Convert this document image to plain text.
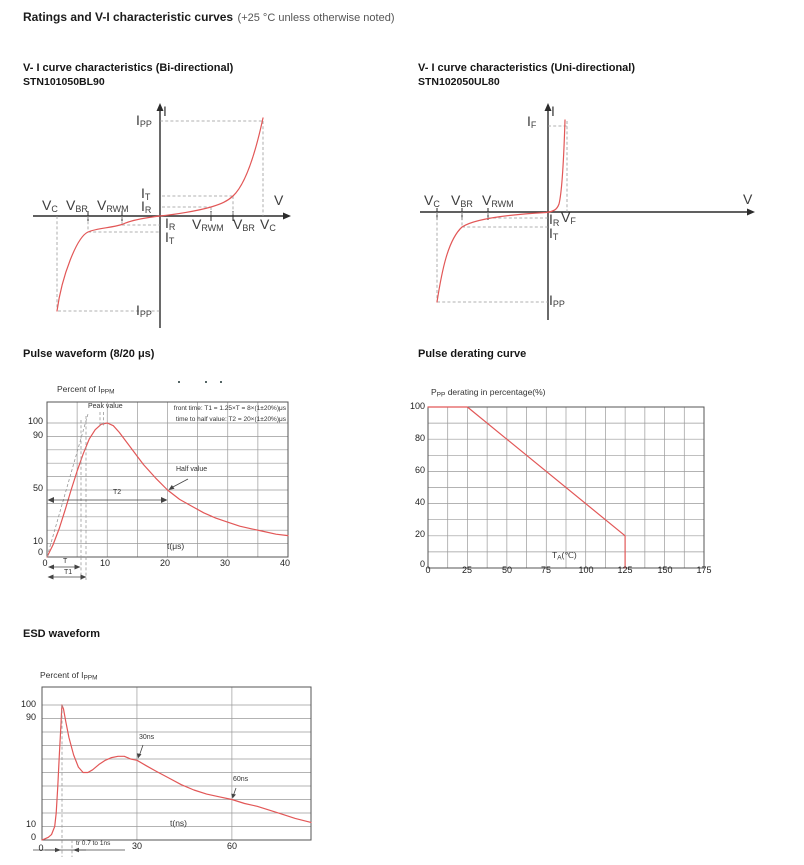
Ratings and V-I characteristic curves (+25 °C unless otherwise noted)
V- I curve characteristics (Bi-directional)
STN101050BL90
V- I curve characteristics (Uni-directional)
STN102050UL80
Pulse waveform (8/20 μs)	Pulse derating curve
ESD waveform
I
V
$I_{PP}$
$V_C$ $V_{BR}$ $V_{RWM}$
$I_T$
$I_R$
$I_R$
$I_T$
$V_{RWM}$ $V_{BR}$ $V_C$
$I_{PP}$
I
$I_F$
V
$V_C$ $V_{BR}$ $V_{RWM}$
$I_R$ $V_F$
$I_T$
$I_{PP}$
Percent of $I_{PPM}$
Peak value	front time: T1 = 1.25×T = 8×(1±20%)μs
time to half value: T2 = 20×(1±20%)μs
Half value
T2
T
T1
t(μs)
100
90
50
10
0
0	10	20	30	40
$P_{PP}$ derating in percentage(%)
$T_A(℃)$
100
80
60
40
20
0
0	25	50	75	100	125	150	175
Percent of $I_{PPM}$
100
90
10
0
0	30	60
30ns
60ns
tr 0.7 to 1ns
t(ns)
